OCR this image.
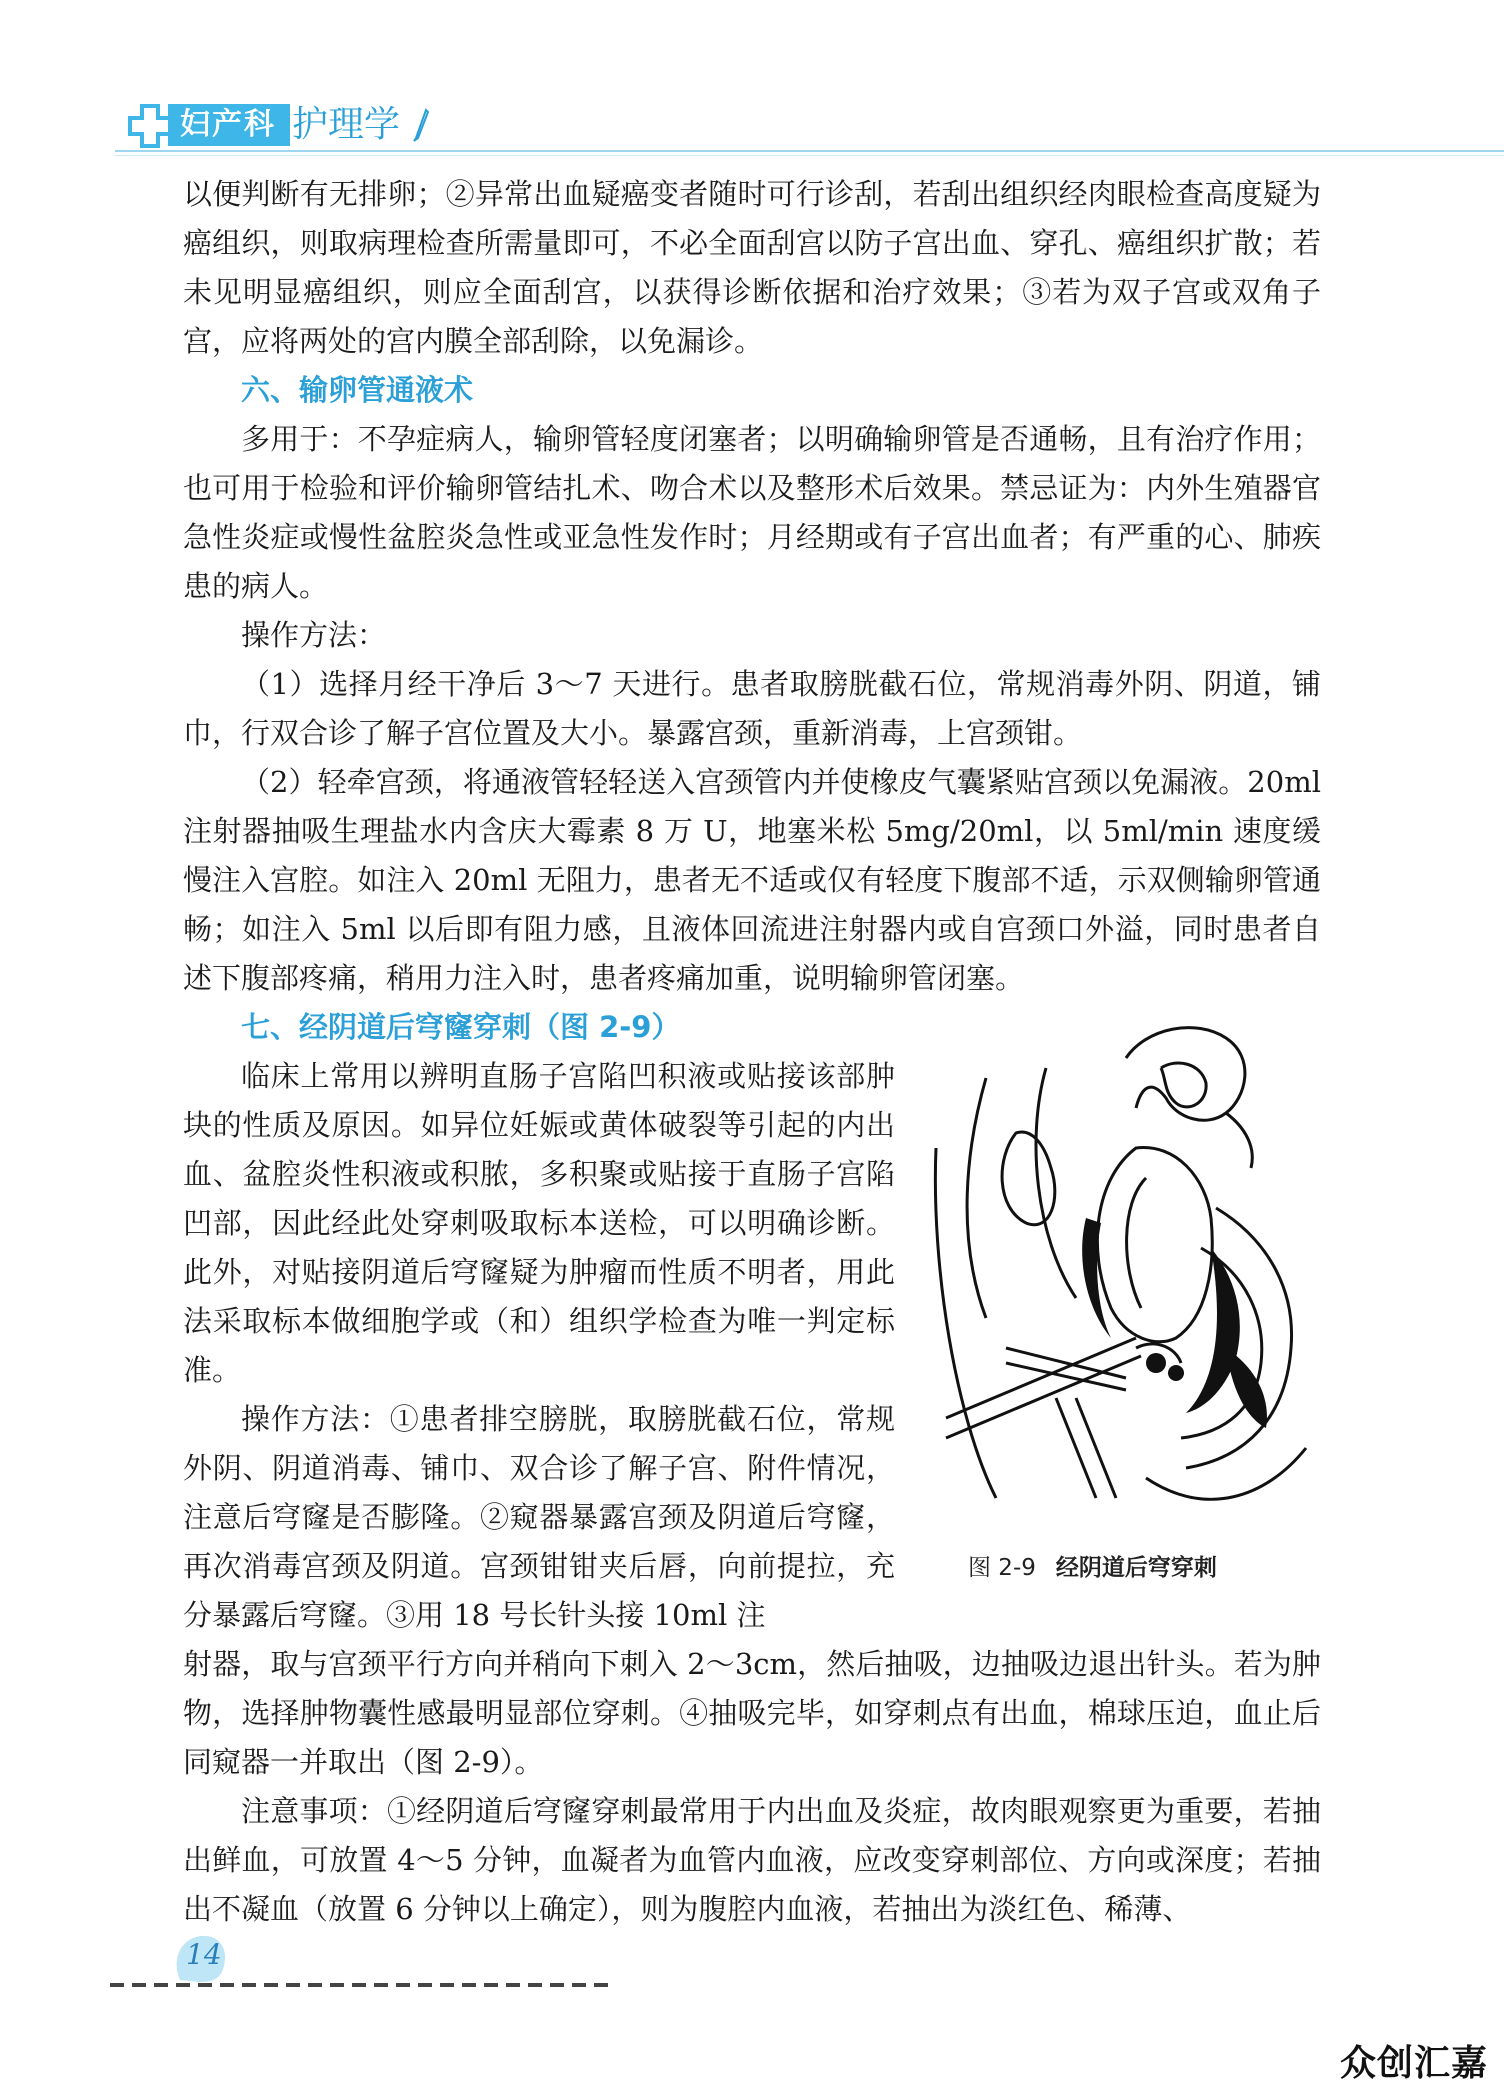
妇产科 护理学

以便判断有无排卵；②异常出血疑癌变者随时可行诊刮，若刮出组织经肉眼检查高度疑为癌组织，则取病理检查所需量即可，不必全面刮宫以防子宫出血、穿孔、癌组织扩散；若未见明显癌组织，则应全面刮宫，以获得诊断依据和治疗效果；③若为双子宫或双角子宫，应将两处的宫内膜全部刮除，以免漏诊。

六、输卵管通液术

多用于：不孕症病人，输卵管轻度闭塞者；以明确输卵管是否通畅，且有治疗作用；也可用于检验和评价输卵管结扎术、吻合术以及整形术后效果。禁忌证为：内外生殖器官急性炎症或慢性盆腔炎急性或亚急性发作时；月经期或有子宫出血者；有严重的心、肺疾患的病人。

操作方法：

（1）选择月经干净后 3～7 天进行。患者取膀胱截石位，常规消毒外阴、阴道，铺巾，行双合诊了解子宫位置及大小。暴露宫颈，重新消毒，上宫颈钳。

（2）轻牵宫颈，将通液管轻轻送入宫颈管内并使橡皮气囊紧贴宫颈以免漏液。20ml 注射器抽吸生理盐水内含庆大霉素 8 万 U，地塞米松 5mg/20ml，以 5ml/min 速度缓慢注入宫腔。如注入 20ml 无阻力，患者无不适或仅有轻度下腹部不适，示双侧输卵管通畅；如注入 5ml 以后即有阻力感，且液体回流进注射器内或自宫颈口外溢，同时患者自述下腹部疼痛，稍用力注入时，患者疼痛加重，说明输卵管闭塞。

七、经阴道后穹窿穿刺（图 2-9）

临床上常用以辨明直肠子宫陷凹积液或贴接该部肿块的性质及原因。如异位妊娠或黄体破裂等引起的内出血、盆腔炎性积液或积脓，多积聚或贴接于直肠子宫陷凹部，因此经此处穿刺吸取标本送检，可以明确诊断。此外，对贴接阴道后穹窿疑为肿瘤而性质不明者，用此法采取标本做细胞学或（和）组织学检查为唯一判定标准。

操作方法：①患者排空膀胱，取膀胱截石位，常规外阴、阴道消毒、铺巾、双合诊了解子宫、附件情况，注意后穹窿是否膨隆。②窥器暴露宫颈及阴道后穹窿，再次消毒宫颈及阴道。宫颈钳钳夹后唇，向前提拉，充分暴露后穹窿。③用 18 号长针头接 10ml 注

射器，取与宫颈平行方向并稍向下刺入 2～3cm，然后抽吸，边抽吸边退出针头。若为肿物，选择肿物囊性感最明显部位穿刺。④抽吸完毕，如穿刺点有出血，棉球压迫，血止后同窥器一并取出（图 2-9）。

注意事项：①经阴道后穹窿穿刺最常用于内出血及炎症，故肉眼观察更为重要，若抽出鲜血，可放置 4～5 分钟，血凝者为血管内血液，应改变穿刺部位、方向或深度；若抽出不凝血（放置 6 分钟以上确定），则为腹腔内血液，若抽出为淡红色、稀薄、

图 2-9 经阴道后穹穿刺
14
众创汇嘉
